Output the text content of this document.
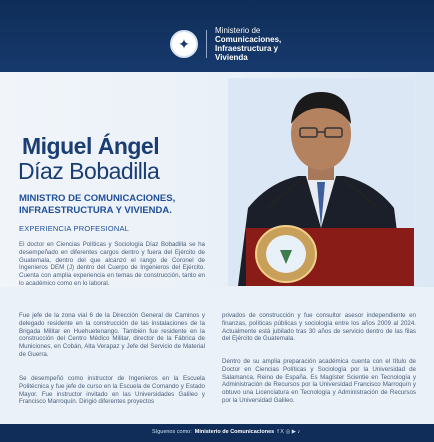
✦
Ministerio de
Comunicaciones,
Infraestructura y
Vivienda
Miguel Ángel
Díaz Bobadilla
MINISTRO DE COMUNICACIONES, INFRAESTRUCTURA Y VIVIENDA.
EXPERIENCIA PROFESIONAL
El doctor en Ciencias Políticas y Sociología Díaz Bobadilla se ha desempeñado en diferentes cargos dentro y fuera del Ejército de Guatemala, dentro del que alcanzó el rango de Coronel de Ingenieros DEM (J) dentro del Cuerpo de Ingenieros del Ejército. Cuenta con amplia experiencia en temas de construcción, tanto en lo académico como en lo laboral.
Fue jefe de la zona vial 6 de la Dirección General de Caminos y delegado residente en la construcción de las instalaciones de la Brigada Militar en Huehuetenango. También fue residente en la construcción del Centro Médico Militar, director de la Fábrica de Municiones, en Cobán, Alta Verapaz y Jefe del Servicio de Material de Guerra.
Se desempeñó como instructor de Ingenieros en la Escuela Politécnica y fue jefe de curso en la Escuela de Comando y Estado Mayor. Fue instructor invitado en las Universidades Galileo y Francisco Marroquín. Dirigió diferentes proyectos
privados de construcción y fue consultor asesor independiente en finanzas, políticas públicas y sociología entre los años 2009 al 2024. Actualmente está jubilado tras 30 años de servicio dentro de las filas del Ejército de Guatemala.
Dentro de su amplia preparación académica cuenta con el título de Doctor en Ciencias Políticas y Sociología por la Universidad de Salamanca, Reino de España. Es Magíster Scientie en Tecnología y Administración de Recursos por la Universidad Francisco Marroquín y obtuvo una Licenciatura en Tecnología y Administración de Recursos por la Universidad Galileo.
Síguenos como: Ministerio de Comunicaciones f X ◎ ▶ ♪
